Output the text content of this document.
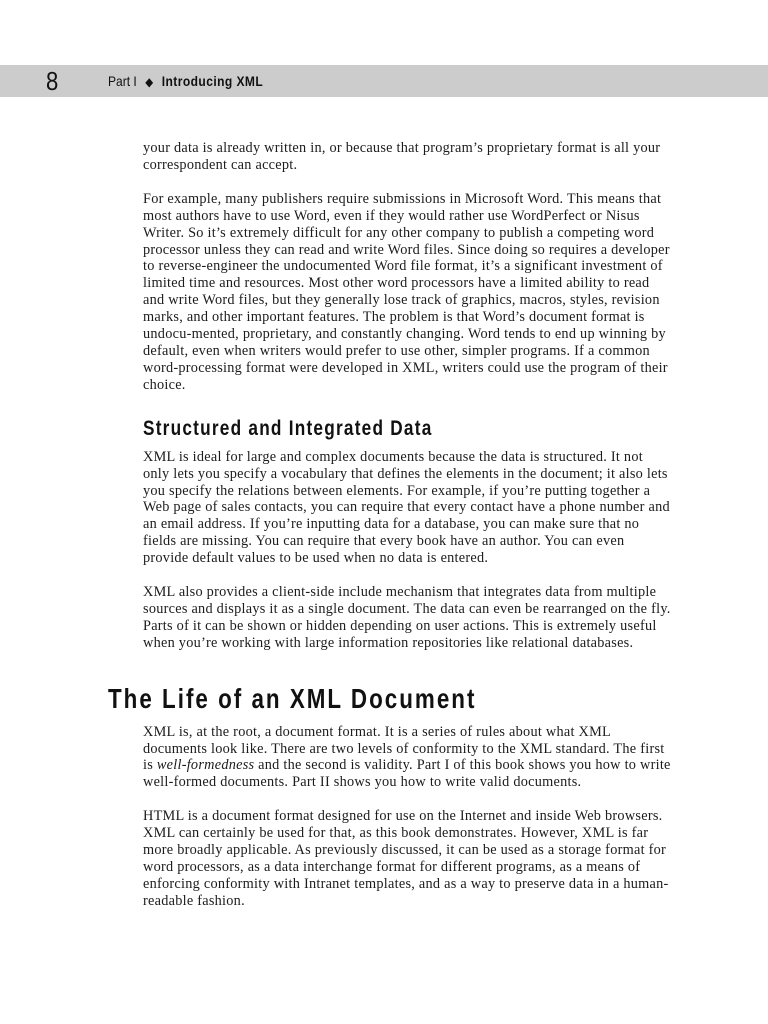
8	Part I ◆ Introducing XML

your data is already written in, or because that program’s proprietary format is all your correspondent can accept.

For example, many publishers require submissions in Microsoft Word. This means that most authors have to use Word, even if they would rather use WordPerfect or Nisus Writer. So it’s extremely difficult for any other company to publish a competing word processor unless they can read and write Word files. Since doing so requires a developer to reverse-engineer the undocumented Word file format, it’s a significant investment of limited time and resources. Most other word processors have a limited ability to read and write Word files, but they generally lose track of graphics, macros, styles, revision marks, and other important features. The problem is that Word’s document format is undocu-mented, proprietary, and constantly changing. Word tends to end up winning by default, even when writers would prefer to use other, simpler programs. If a common word-processing format were developed in XML, writers could use the program of their choice.

Structured and Integrated Data

XML is ideal for large and complex documents because the data is structured. It not only lets you specify a vocabulary that defines the elements in the document; it also lets you specify the relations between elements. For example, if you’re putting together a Web page of sales contacts, you can require that every contact have a phone number and an email address. If you’re inputting data for a database, you can make sure that no fields are missing. You can require that every book have an author. You can even provide default values to be used when no data is entered.

XML also provides a client-side include mechanism that integrates data from multiple sources and displays it as a single document. The data can even be rearranged on the fly. Parts of it can be shown or hidden depending on user actions. This is extremely useful when you’re working with large information repositories like relational databases.

The Life of an XML Document

XML is, at the root, a document format. It is a series of rules about what XML documents look like. There are two levels of conformity to the XML standard. The first is well-formedness and the second is validity. Part I of this book shows you how to write well-formed documents. Part II shows you how to write valid documents.

HTML is a document format designed for use on the Internet and inside Web browsers. XML can certainly be used for that, as this book demonstrates. However, XML is far more broadly applicable. As previously discussed, it can be used as a storage format for word processors, as a data interchange format for different programs, as a means of enforcing conformity with Intranet templates, and as a way to preserve data in a human-readable fashion.
